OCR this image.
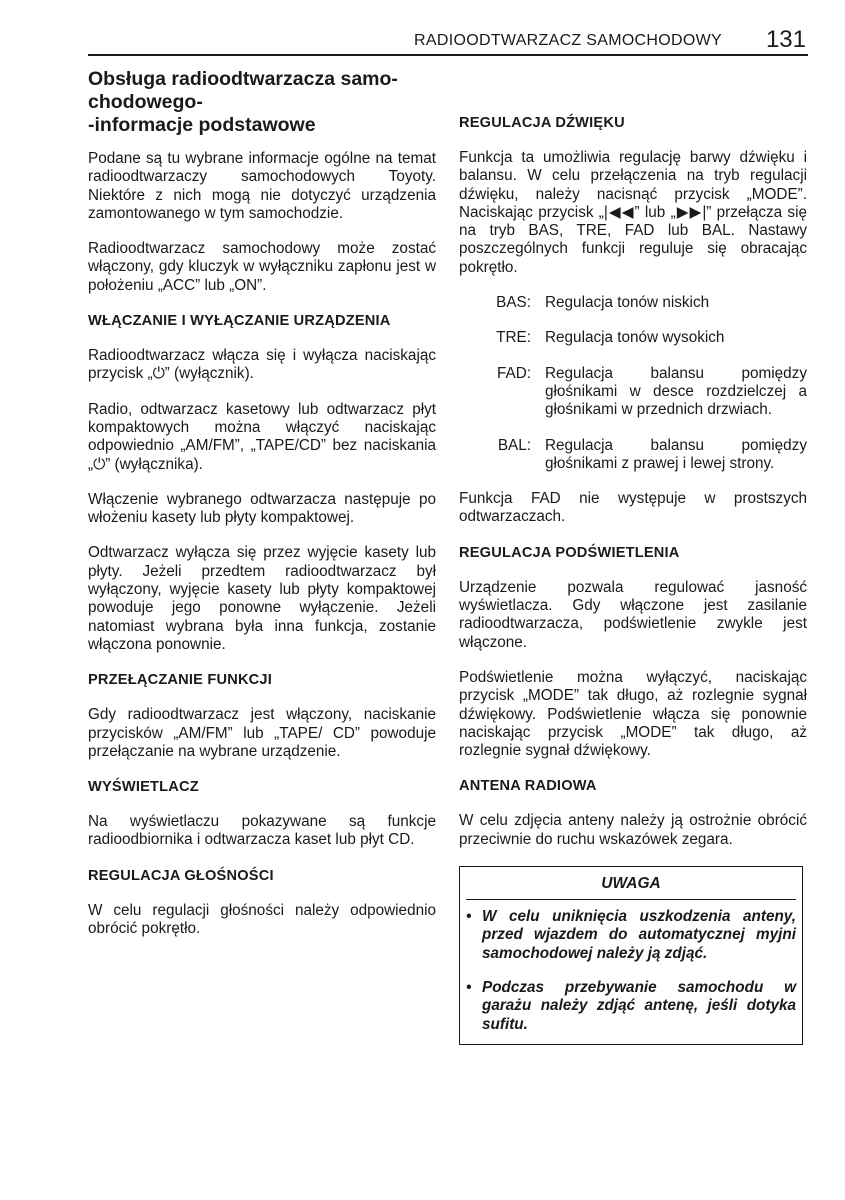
RADIOODTWARZACZ SAMOCHODOWY 131
Obsługa radioodtwarzacza samo-
chodowego-
-informacje podstawowe

Podane są tu wybrane informacje ogólne na temat radioodtwarzaczy samochodowych Toyoty. Niektóre z nich mogą nie dotyczyć urządzenia zamontowanego w tym samochodzie.

Radioodtwarzacz samochodowy może zostać włączony, gdy kluczyk w wyłączniku zapłonu jest w położeniu „ACC” lub „ON”.

WŁĄCZANIE I WYŁĄCZANIE URZĄDZENIA

Radioodtwarzacz włącza się i wyłącza naciskając przycisk „⏻” (wyłącznik).

Radio, odtwarzacz kasetowy lub odtwarzacz płyt kompaktowych można włączyć naciskając odpowiednio „AM/FM”, „TAPE/CD” bez naciskania „⏻” (wyłącznika).

Włączenie wybranego odtwarzacza następuje po włożeniu kasety lub płyty kompaktowej.

Odtwarzacz wyłącza się przez wyjęcie kasety lub płyty. Jeżeli przedtem radioodtwarzacz był wyłączony, wyjęcie kasety lub płyty kompaktowej powoduje jego ponowne wyłączenie. Jeżeli natomiast wybrana była inna funkcja, zostanie włączona ponownie.

PRZEŁĄCZANIE FUNKCJI

Gdy radioodtwarzacz jest włączony, naciskanie przycisków „AM/FM” lub „TAPE/ CD” powoduje przełączanie na wybrane urządzenie.

WYŚWIETLACZ

Na wyświetlaczu pokazywane są funkcje radioodbiornika i odtwarzacza kaset lub płyt CD.

REGULACJA GŁOŚNOŚCI

W celu regulacji głośności należy odpowiednio obrócić pokrętło.

REGULACJA DŹWIĘKU

Funkcja ta umożliwia regulację barwy dźwięku i balansu. W celu przełączenia na tryb regulacji dźwięku, należy nacisnąć przycisk „MODE”. Naciskając przycisk „|◀◀” lub „▶▶|” przełącza się na tryb BAS, TRE, FAD lub BAL. Nastawy poszczególnych funkcji reguluje się obracając pokrętło.

BAS: Regulacja tonów niskich
TRE: Regulacja tonów wysokich
FAD: Regulacja balansu pomiędzy głośnikami w desce rozdzielczej a głośnikami w przednich drzwiach.
BAL: Regulacja balansu pomiędzy głośnikami z prawej i lewej strony.

Funkcja FAD nie występuje w prostszych odtwarzaczach.

REGULACJA PODŚWIETLENIA

Urządzenie pozwala regulować jasność wyświetlacza. Gdy włączone jest zasilanie radioodtwarzacza, podświetlenie zwykle jest włączone.

Podświetlenie można wyłączyć, naciskając przycisk „MODE” tak długo, aż rozlegnie sygnał dźwiękowy. Podświetlenie włącza się ponownie naciskając przycisk „MODE” tak długo, aż rozlegnie sygnał dźwiękowy.

ANTENA RADIOWA

W celu zdjęcia anteny należy ją ostrożnie obrócić przeciwnie do ruchu wskazówek zegara.

UWAGA
• W celu uniknięcia uszkodzenia anteny, przed wjazdem do automatycznej myjni samochodowej należy ją zdjąć.
• Podczas przebywanie samochodu w garażu należy zdjąć antenę, jeśli dotyka sufitu.
